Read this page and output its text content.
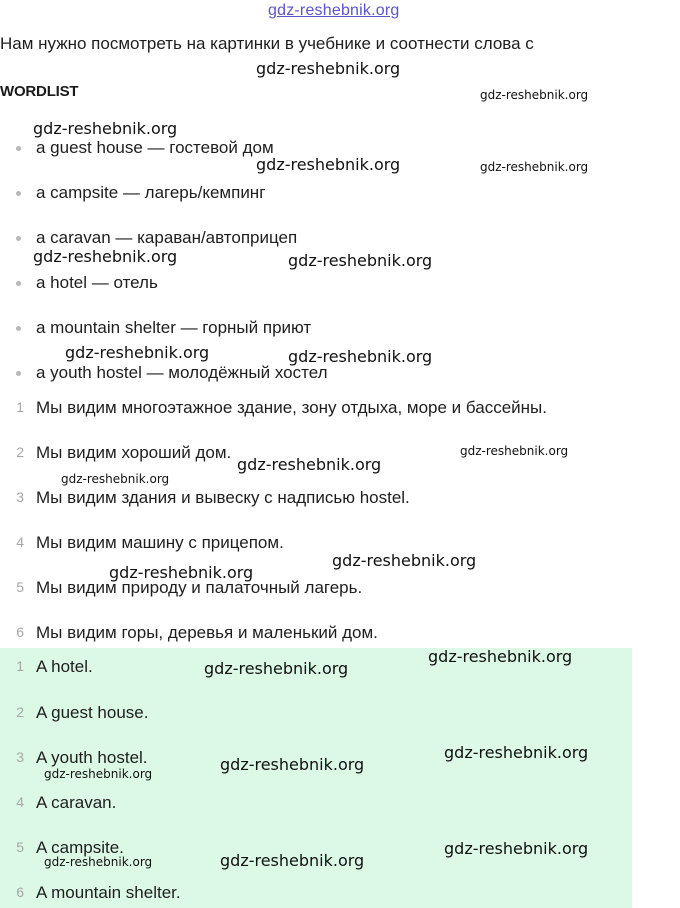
gdz-reshebnik.org
Нам нужно посмотреть на картинки в учебнике и соотнести слова с
WORDLIST
a guest house — гостевой дом
a campsite — лагерь/кемпинг
a caravan — караван/автоприцеп
a hotel — отель
a mountain shelter — горный приют
a youth hostel — молодёжный хостел
1 Мы видим многоэтажное здание, зону отдыха, море и бассейны.
2 Мы видим хороший дом.
3 Мы видим здания и вывеску с надписью hostel.
4 Мы видим машину с прицепом.
5 Мы видим природу и палаточный лагерь.
6 Мы видим горы, деревья и маленький дом.
1 A hotel.
2 A guest house.
3 A youth hostel.
4 A caravan.
5 A campsite.
6 A mountain shelter.
gdz-reshebnik.org
gdz-reshebnik.org
gdz-reshebnik.org
gdz-reshebnik.org	gdz-reshebnik.org
gdz-reshebnik.org	gdz-reshebnik.org
gdz-reshebnik.org	gdz-reshebnik.org
gdz-reshebnik.org
gdz-reshebnik.org
gdz-reshebnik.org
gdz-reshebnik.org
gdz-reshebnik.org
gdz-reshebnik.org
gdz-reshebnik.org
gdz-reshebnik.org
gdz-reshebnik.org
gdz-reshebnik.org
gdz-reshebnik.org
gdz-reshebnik.org
gdz-reshebnik.org
